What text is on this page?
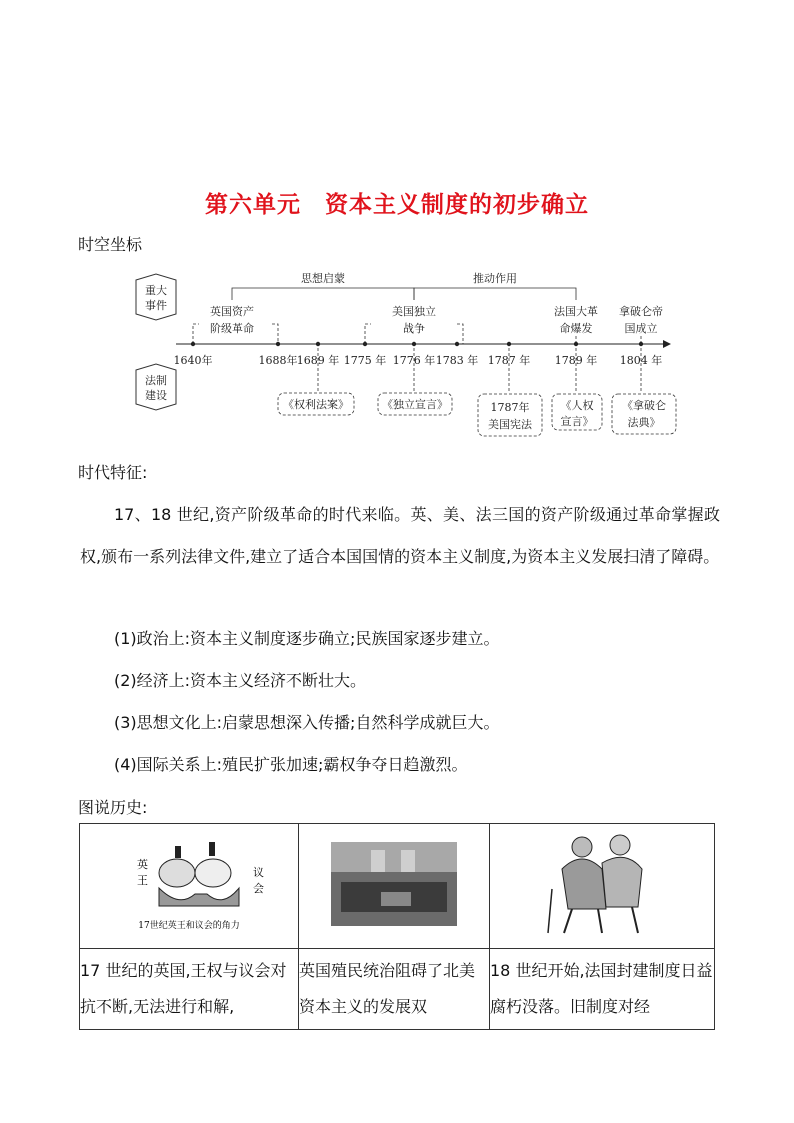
第六单元　资本主义制度的初步确立
时空坐标
重大
事件
法制
建设
思想启蒙	推动作用
英国资产
阶级革命
美国独立
战争
法国大革
命爆发
拿破仑帝
国成立
1640年	1688年 1689 年 1775 年 1776 年 1783 年 1787 年 1789 年 1804 年
《权利法案》	《独立宣言》	1787年
美国宪法
《人权
宣言》
《拿破仑
法典》
时代特征:
17、18 世纪,资产阶级革命的时代来临。英、美、法三国的资产阶级通过革命掌握政权,颁布一系列法律文件,建立了适合本国国情的资本主义制度,为资本主义发展扫清了障碍。
(1)政治上:资本主义制度逐步确立;民族国家逐步建立。
(2)经济上:资本主义经济不断壮大。
(3)思想文化上:启蒙思想深入传播;自然科学成就巨大。
(4)国际关系上:殖民扩张加速;霸权争夺日趋激烈。
图说历史:
英
王
议
会
17世纪英王和议会的角力

17 世纪的英国,王权与议会对抗不断,无法进行和解,	英国殖民统治阻碍了北美资本主义的发展双	18 世纪开始,法国封建制度日益腐朽没落。旧制度对经
